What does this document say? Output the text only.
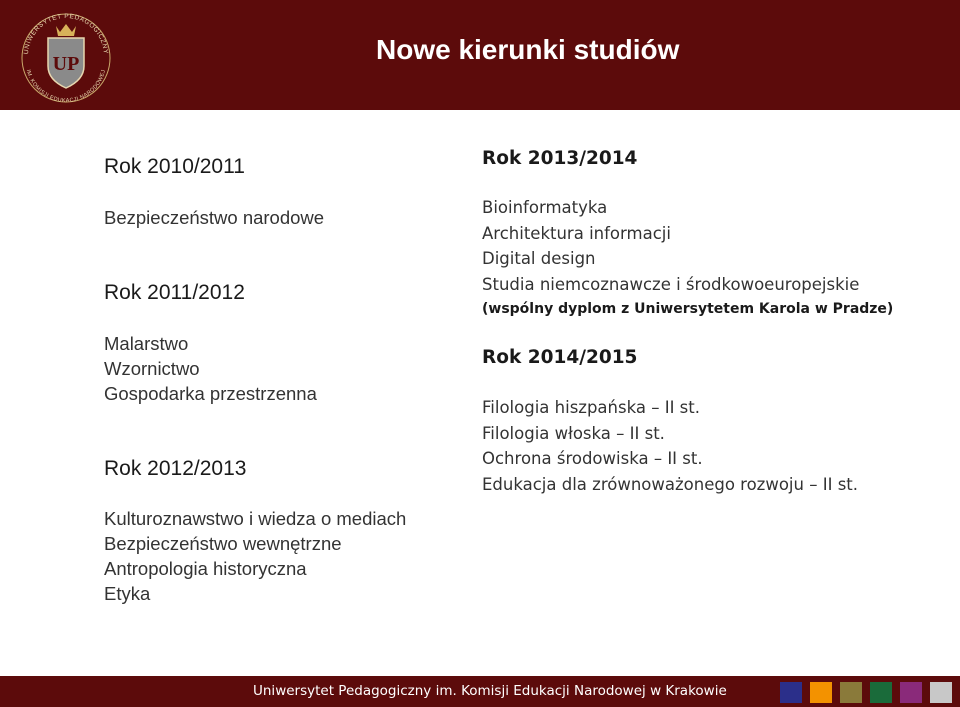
UNIWERSYTET PEDAGOGICZNY
IM. KOMISJI EDUKACJI NARODOWEJ
UP	Nowe kierunki studiów
Rok 2010/2011
Bezpieczeństwo narodowe
Rok 2011/2012
Malarstwo
Wzornictwo
Gospodarka przestrzenna
Rok 2012/2013
Kulturoznawstwo i wiedza o mediach
Bezpieczeństwo wewnętrzne
Antropologia historyczna
Etyka
Rok 2013/2014
Bioinformatyka
Architektura informacji
Digital design
Studia niemcoznawcze i środkowoeuropejskie
(wspólny dyplom z Uniwersytetem Karola w Pradze)
Rok 2014/2015
Filologia hiszpańska – II st.
Filologia włoska – II st.
Ochrona środowiska – II st.
Edukacja dla zrównoważonego rozwoju – II st.
Uniwersytet Pedagogiczny im. Komisji Edukacji Narodowej w Krakowie
